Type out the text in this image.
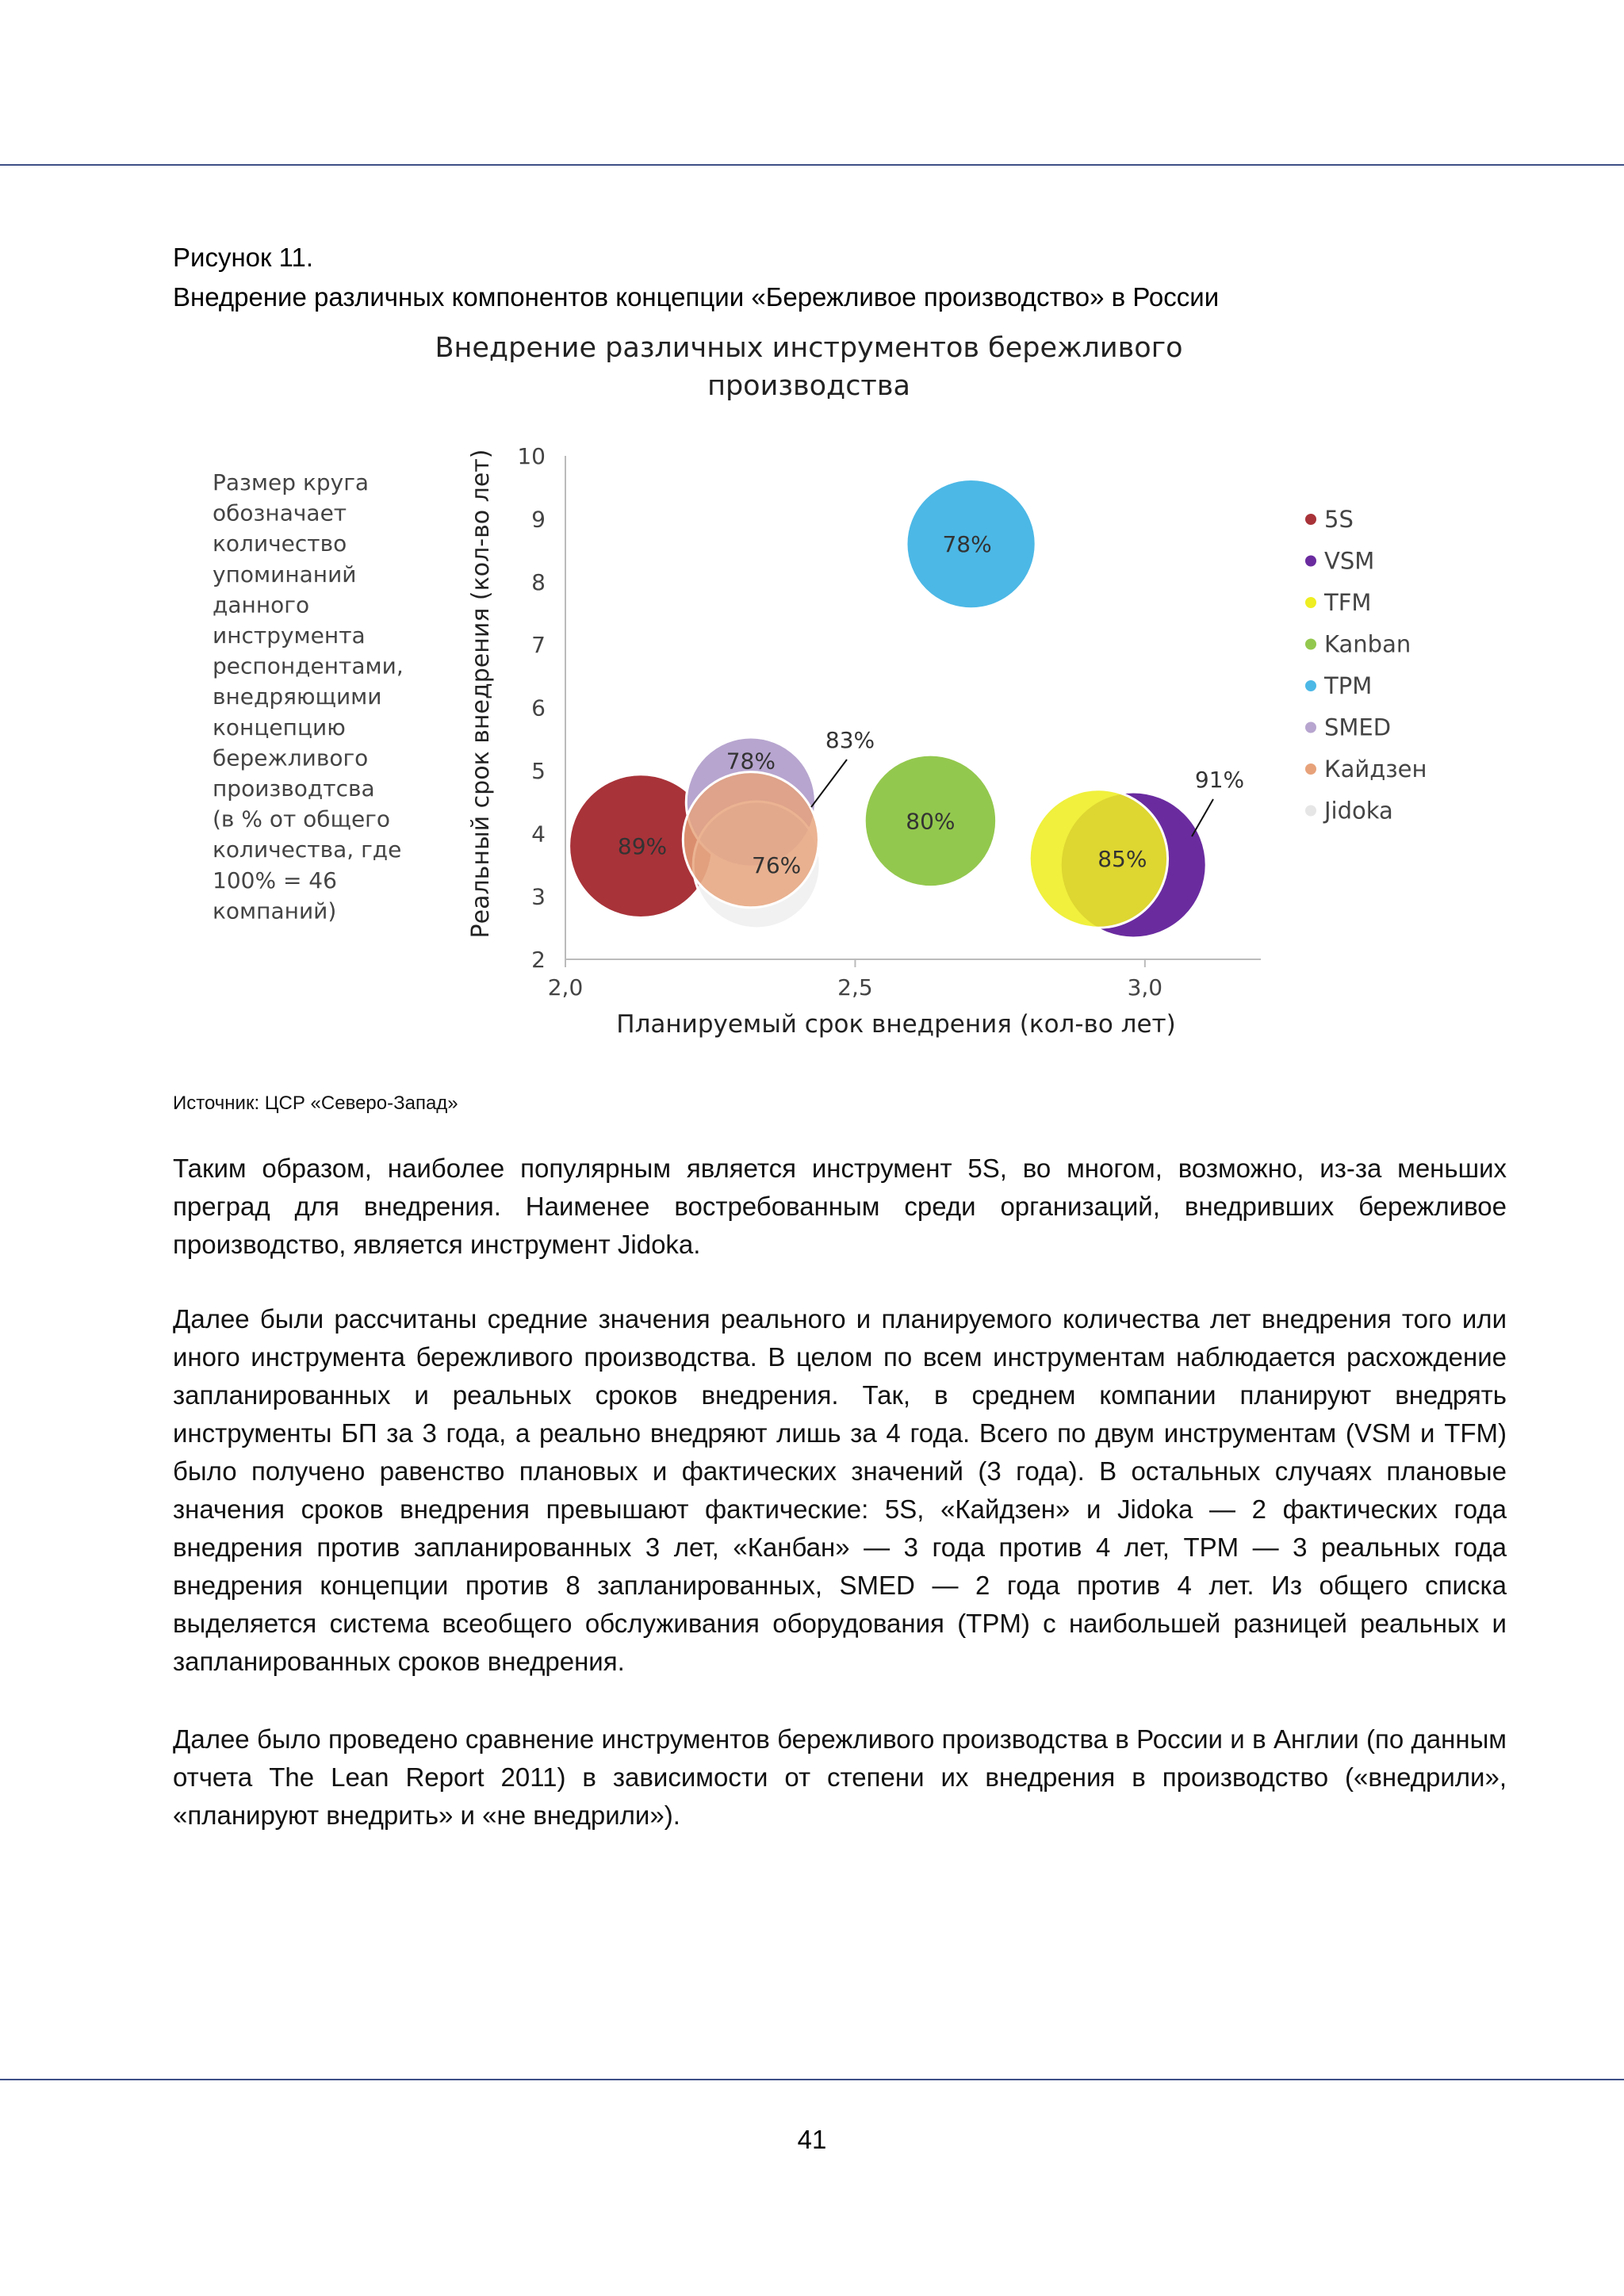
Рисунок 11.
Внедрение различных компонентов концепции «Бережливое производство» в России
Внедрение различных инструментов бережливого
производства
Размер круга
обозначает
количество
упоминаний
данного
инструмента
респондентами,
внедряющими
концепцию
бережливого
производтсва
(в % от общего
количества, где
100% = 46
компаний)
2
3
4
5
6
7
8
9
10
2,0	2,5	3,0
Планируемый срок внедрения (кол-во лет)
Реальный срок внедрения (кол-во лет)	89%
78%
80%
85%
78%
76%
83%
91%
5S
VSM
TFM
Kanban
TPM
SMED
Кайдзен
Jidoka
Источник: ЦСР «Северо-Запад»

Таким образом, наиболее популярным является инструмент 5S, во многом, возможно, из-за меньших преград для внедрения. Наименее востребованным среди организаций, внедривших бережливое производство, является инструмент Jidoka.

Далее были рассчитаны средние значения реального и планируемого количества лет внедрения того или иного инструмента бережливого производства. В целом по всем инструментам наблюдается расхождение запланированных и реальных сроков внедрения. Так, в среднем компании планируют внедрять инструменты БП за 3 года, а реально внедряют лишь за 4 года. Всего по двум инструментам (VSM и TFM) было получено равенство плановых и фактических значений (3 года). В остальных случаях плановые значения сроков внедрения превышают фактические: 5S, «Кайдзен» и Jidoka — 2 фактических года внедрения против запланированных 3 лет, «Канбан» — 3 года против 4 лет, TPM — 3 реальных года внедрения концепции против 8 запланированных, SMED — 2 года против 4 лет. Из общего списка выделяется система всеобщего обслуживания оборудования (TPM) с наибольшей разницей реальных и запланированных сроков внедрения.

Далее было проведено сравнение инструментов бережливого производства в России и в Англии (по данным отчета The Lean Report 2011) в зависимости от степени их внедрения в производство («внедрили», «планируют внедрить» и «не внедрили»).

41
